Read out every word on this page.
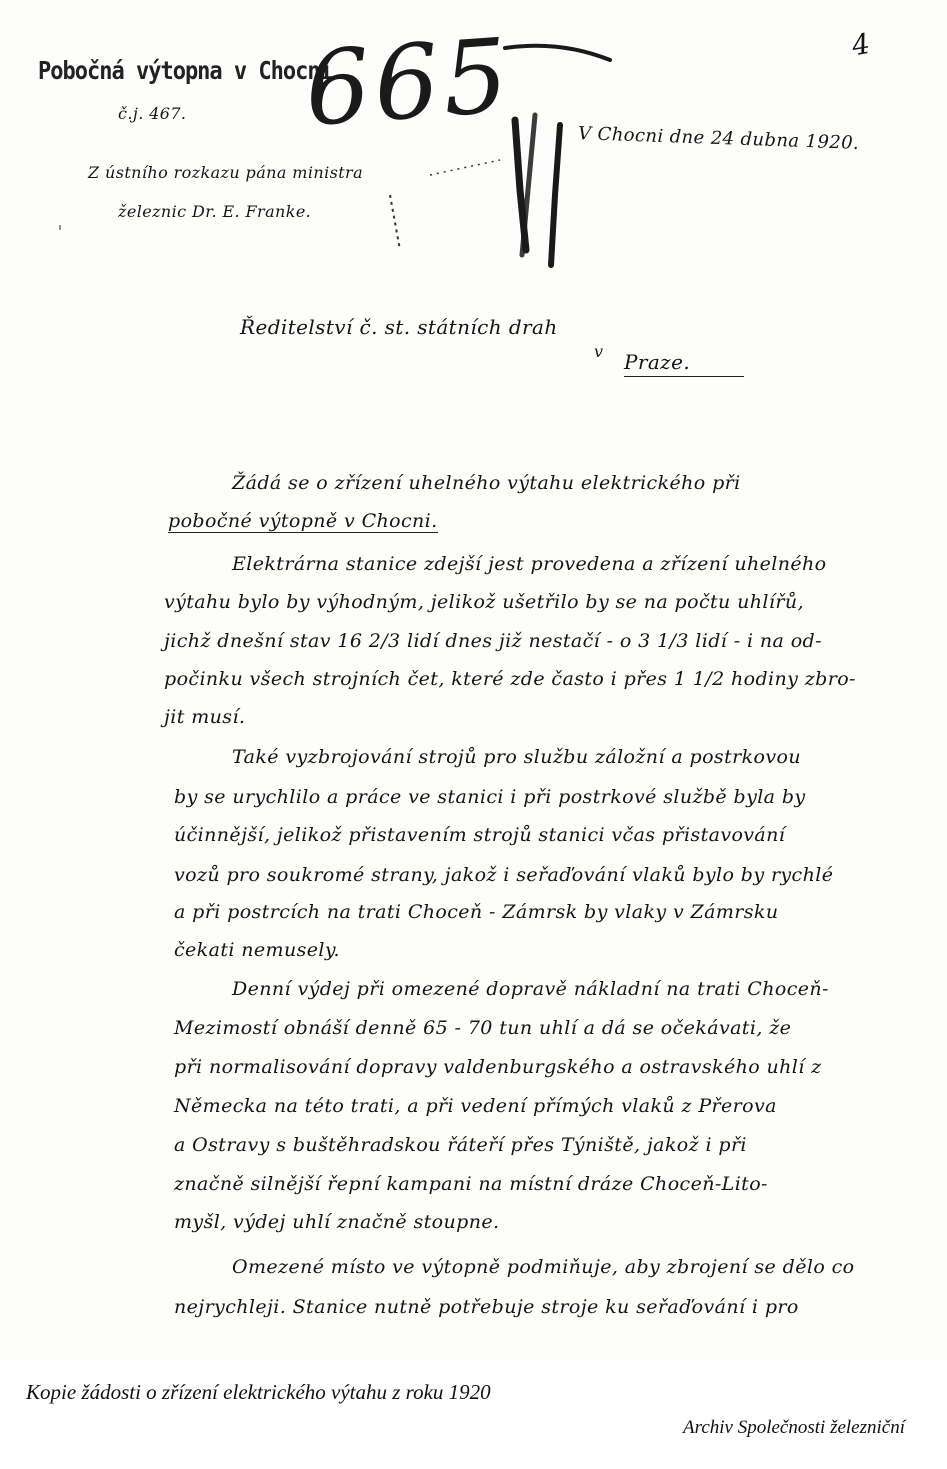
Pobočná výtopna v Chocni.
č.j. 467. 665	4
V Chocni dne 24 dubna 1920.
Z ústního rozkazu pána ministra
železnic Dr. E. Franke.
Ředitelství č. st. státních drah
v Praze.
Žádá se o zřízení uhelného výtahu elektrického při
pobočné výtopně v Chocni.
Elektrárna stanice zdejší jest provedena a zřízení uhelného
výtahu bylo by výhodným, jelikož ušetřilo by se na počtu uhlířů,
jichž dnešní stav 16 2/3 lidí dnes již nestačí - o 3 1/3 lidí - i na od-
počinku všech strojních čet, které zde často i přes 1 1/2 hodiny zbro-
jit musí.
Také vyzbrojování strojů pro službu záložní a postrkovou
by se urychlilo a práce ve stanici i při postrkové službě byla by
účinnější, jelikož přistavením strojů stanici včas přistavování
vozů pro soukromé strany, jakož i seřaďování vlaků bylo by rychlé
a při postrcích na trati Choceň - Zámrsk by vlaky v Zámrsku
čekati nemusely.
Denní výdej při omezené dopravě nákladní na trati Choceň-
Mezimostí obnáší denně 65 - 70 tun uhlí a dá se očekávati, že
při normalisování dopravy valdenburgského a ostravského uhlí z
Německa na této trati, a při vedení přímých vlaků z Přerova
a Ostravy s buštěhradskou řáteří přes Týniště, jakož i při
značně silnější řepní kampani na místní dráze Choceň-Lito-
myšl, výdej uhlí značně stoupne.
Omezené místo ve výtopně podmiňuje, aby zbrojení se dělo co
nejrychleji. Stanice nutně potřebuje stroje ku seřaďování i pro
Kopie žádosti o zřízení elektrického výtahu z roku 1920
Archiv Společnosti železniční
